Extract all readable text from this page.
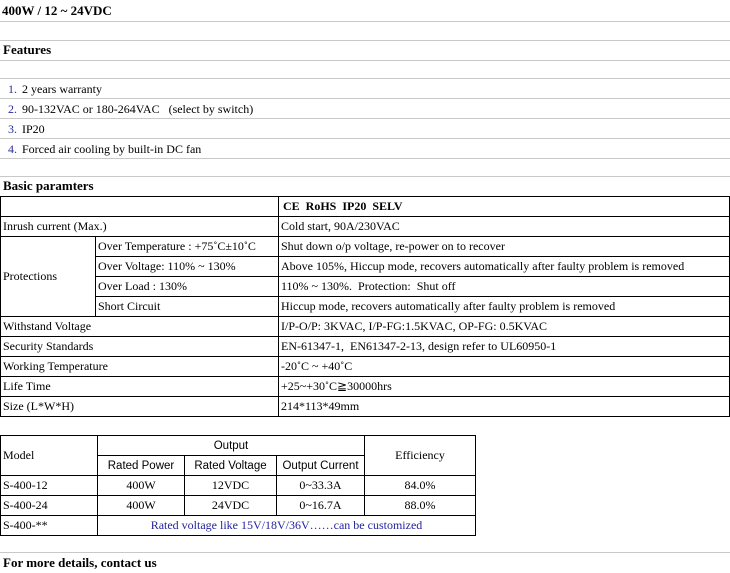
400W / 12 ~ 24VDC
Features
1. 2 years warranty
2. 90-132VAC or 180-264VAC   (select by switch)
3. IP20
4. Forced air cooling by built-in DC fan
Basic paramters
		CE  RoHS  IP20  SELV
Inrush current (Max.)		Cold start, 90A/230VAC
Protections	Over Temperature : +75˚C±10˚C	Shut down o/p voltage, re-power on to recover
	Over Voltage: 110% ~ 130%	Above 105%, Hiccup mode, recovers automatically after faulty problem is removed
	Over Load : 130%	110% ~ 130%.  Protection:  Shut off
	Short Circuit	Hiccup mode, recovers automatically after faulty problem is removed
Withstand Voltage		I/P-O/P: 3KVAC, I/P-FG:1.5KVAC, OP-FG: 0.5KVAC
Security Standards		EN-61347-1,  EN61347-2-13, design refer to UL60950-1
Working Temperature		-20˚C ~ +40˚C
Life Time		+25~+30˚C≧30000hrs
Size (L*W*H)		214*113*49mm
Model	Output			Efficiency
	Rated Power	Rated Voltage	Output Current	
S-400-12	400W	12VDC	0~33.3A	84.0%
S-400-24	400W	24VDC	0~16.7A	88.0%
S-400-**	Rated voltage like 15V/18V/36V……can be customized			
For more details, contact us
